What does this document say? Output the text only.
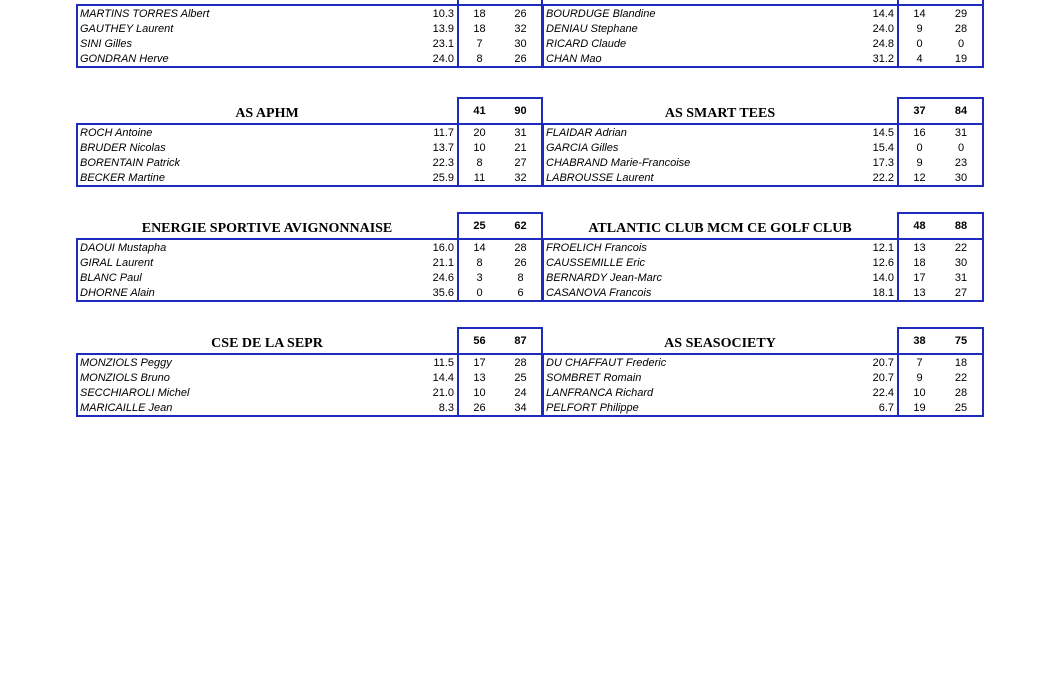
MARTINS TORRES Albert	10.3	18	26
GAUTHEY Laurent	13.9	18	32
SINI Gilles	23.1	7	30
GONDRAN Herve	24.0	8	26

BOURDUGE Blandine	14.4	14	29
DENIAU Stephane	24.0	9	28
RICARD Claude	24.8	0	0
CHAN Mao	31.2	4	19
AS APHM		41	90
ROCH Antoine	11.7	20	31
BRUDER Nicolas	13.7	10	21
BORENTAIN Patrick	22.3	8	27
BECKER Martine	25.9	11	32
AS SMART TEES		37	84
FLAIDAR Adrian	14.5	16	31
GARCIA Gilles	15.4	0	0
CHABRAND Marie-Francoise	17.3	9	23
LABROUSSE Laurent	22.2	12	30
ENERGIE SPORTIVE AVIGNONNAISE		25	62
DAOUI Mustapha	16.0	14	28
GIRAL Laurent	21.1	8	26
BLANC Paul	24.6	3	8
DHORNE Alain	35.6	0	6
ATLANTIC CLUB MCM CE GOLF CLUB		48	88
FROELICH Francois	12.1	13	22
CAUSSEMILLE Eric	12.6	18	30
BERNARDY Jean-Marc	14.0	17	31
CASANOVA Francois	18.1	13	27
CSE DE LA SEPR		56	87
MONZIOLS Peggy	11.5	17	28
MONZIOLS Bruno	14.4	13	25
SECCHIAROLI Michel	21.0	10	24
MARICAILLE Jean	8.3	26	34
AS SEASOCIETY		38	75
DU CHAFFAUT Frederic	20.7	7	18
SOMBRET Romain	20.7	9	22
LANFRANCA Richard	22.4	10	28
PELFORT Philippe	6.7	19	25
